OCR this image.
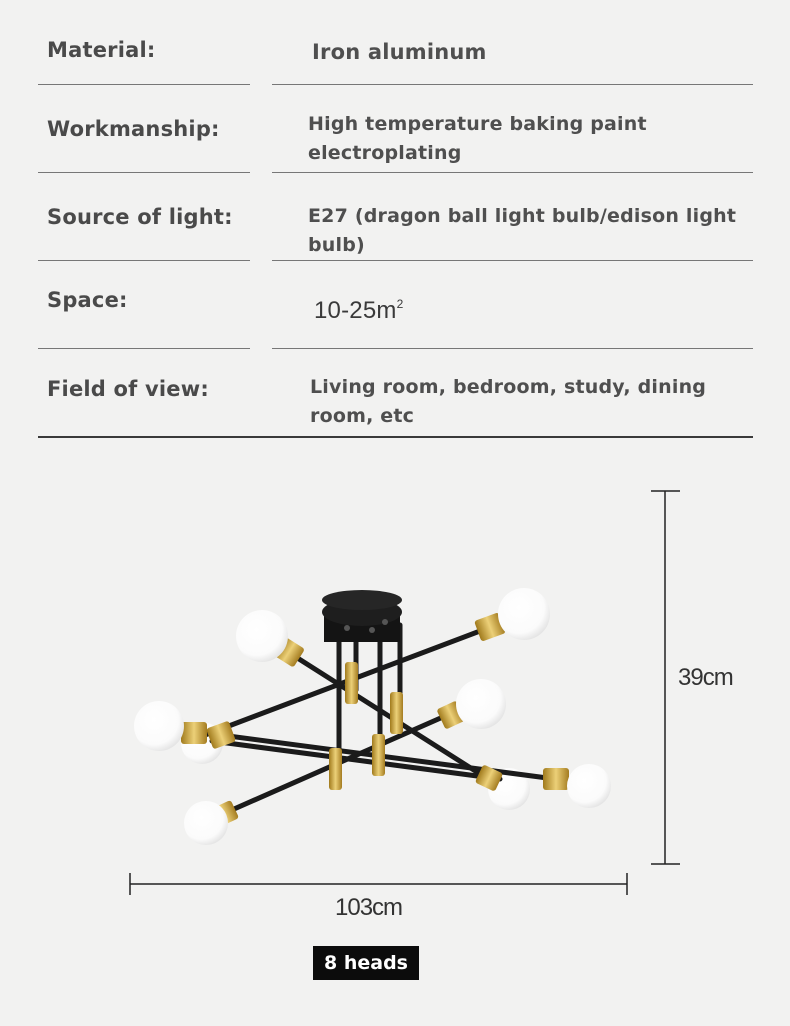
Material:	Iron aluminum
Workmanship:	High temperature baking paint electroplating
Source of light:	E27 (dragon ball light bulb/edison light bulb)
Space:	$10-25m^2$
Field of view:	Living room, bedroom, study, dining room, etc
39cm
103cm
8 heads
